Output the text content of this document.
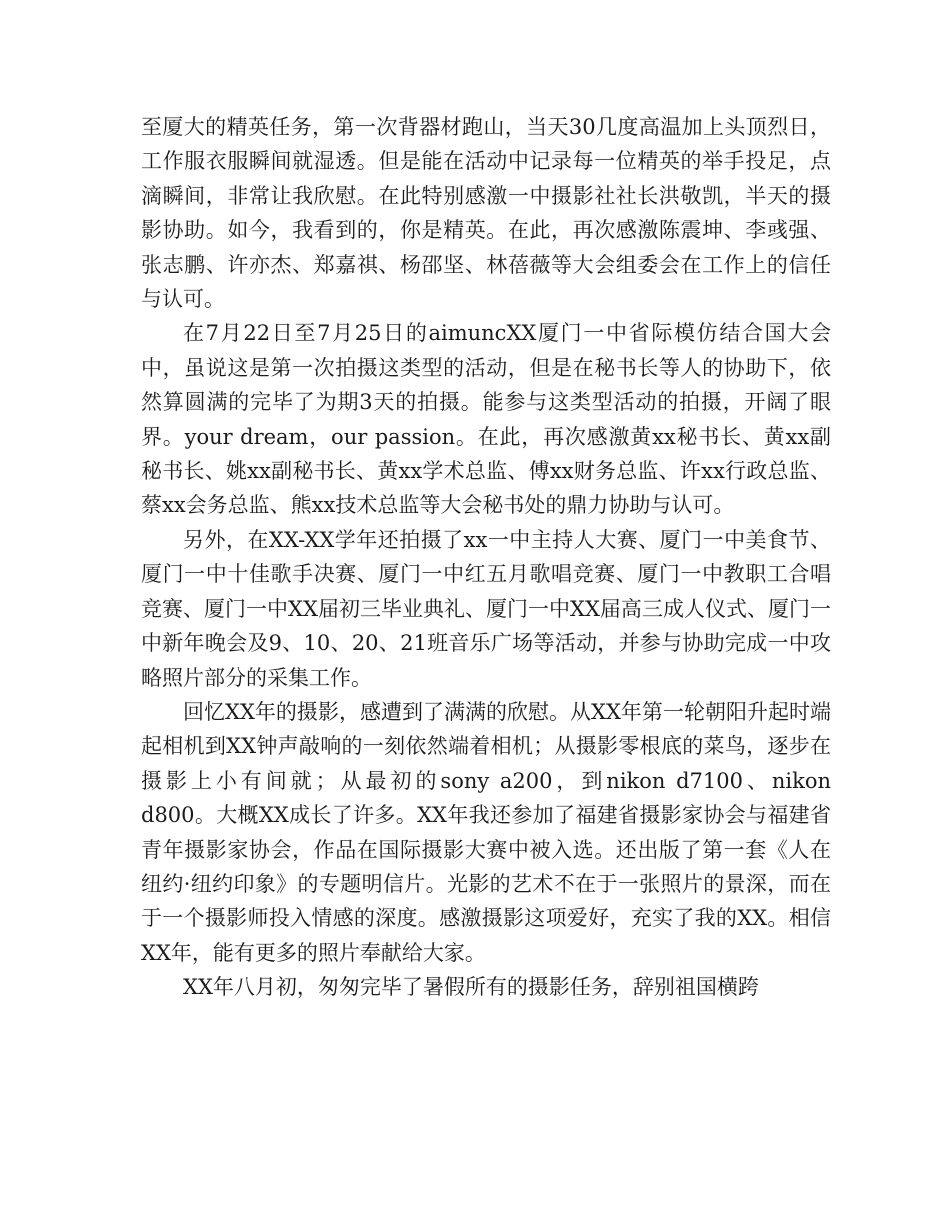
至厦大的精英任务，第一次背器材跑山，当天30几度高温加上头顶烈日，工作服衣服瞬间就湿透。但是能在活动中记录每一位精英的举手投足，点滴瞬间，非常让我欣慰。在此特别感激一中摄影社社长洪敬凯，半天的摄影协助。如今，我看到的，你是精英。在此，再次感激陈震坤、李彧强、张志鹏、许亦杰、郑嘉祺、杨邵坚、林蓓薇等大会组委会在工作上的信任与认可。

在7月22日至7月25日的aimuncXX厦门一中省际模仿结合国大会中，虽说这是第一次拍摄这类型的活动，但是在秘书长等人的协助下，依然算圆满的完毕了为期3天的拍摄。能参与这类型活动的拍摄，开阔了眼界。your dream，our passion。在此，再次感激黄xx秘书长、黄xx副秘书长、姚xx副秘书长、黄xx学术总监、傅xx财务总监、许xx行政总监、蔡xx会务总监、熊xx技术总监等大会秘书处的鼎力协助与认可。

另外，在XX-XX学年还拍摄了xx一中主持人大赛、厦门一中美食节、厦门一中十佳歌手决赛、厦门一中红五月歌唱竞赛、厦门一中教职工合唱竞赛、厦门一中XX届初三毕业典礼、厦门一中XX届高三成人仪式、厦门一中新年晚会及9、10、20、21班音乐广场等活动，并参与协助完成一中攻略照片部分的采集工作。

回忆XX年的摄影，感遭到了满满的欣慰。从XX年第一轮朝阳升起时端起相机到XX钟声敲响的一刻依然端着相机；从摄影零根底的菜鸟，逐步在摄影上小有间就；从最初的sony a200，到nikon d7100、nikon d800。大概XX成长了许多。XX年我还参加了福建省摄影家协会与福建省青年摄影家协会，作品在国际摄影大赛中被入选。还出版了第一套《人在纽约·纽约印象》的专题明信片。光影的艺术不在于一张照片的景深，而在于一个摄影师投入情感的深度。感激摄影这项爱好，充实了我的XX。相信XX年，能有更多的照片奉献给大家。

XX年八月初，匆匆完毕了暑假所有的摄影任务，辞别祖国横跨
